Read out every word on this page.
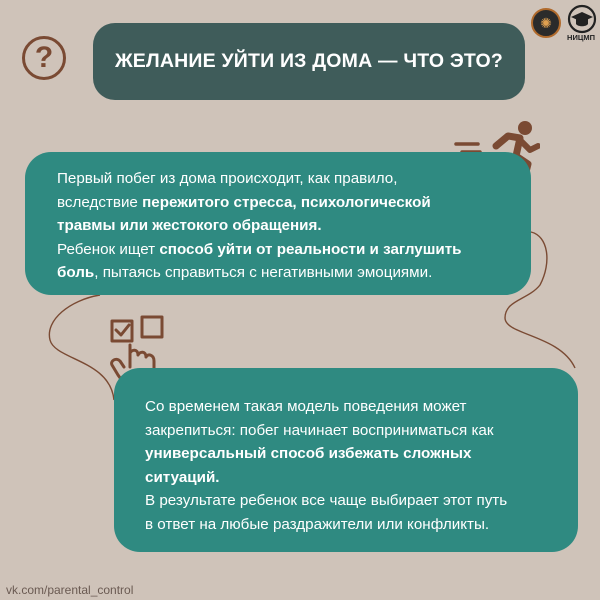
?	ЖЕЛАНИЕ УЙТИ ИЗ ДОМА — ЧТО ЭТО?
✺
НИЦМП
Первый побег из дома происходит, как правило,
вследствие пережитого стресса, психологической
травмы или жестокого обращения.
Ребенок ищет способ уйти от реальности и заглушить
боль, пытаясь справиться с негативными эмоциями.
Со временем такая модель поведения может
закрепиться: побег начинает восприниматься как
универсальный способ избежать сложных
ситуаций.
В результате ребенок все чаще выбирает этот путь
в ответ на любые раздражители или конфликты.
vk.com/parental_control
